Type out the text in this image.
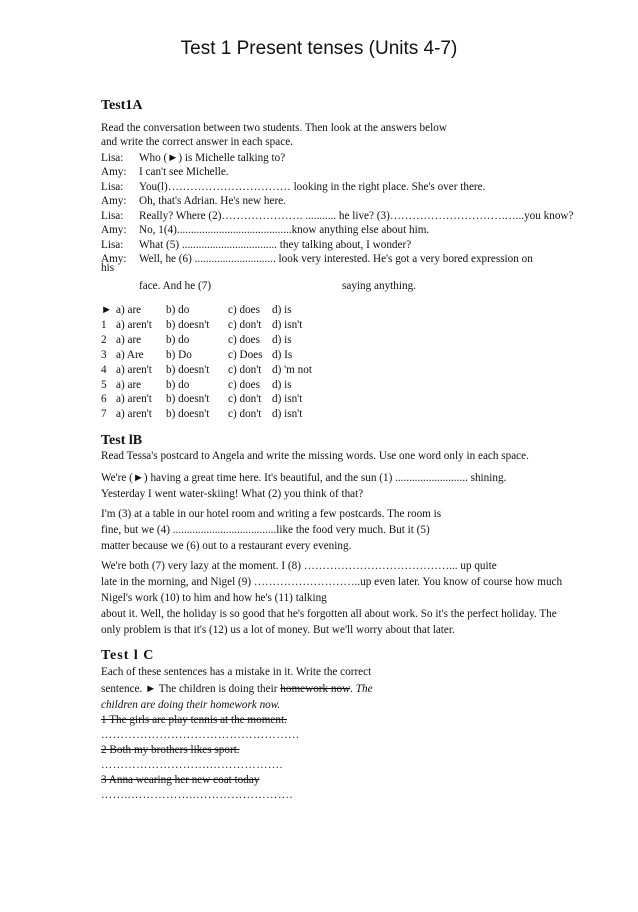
Test 1 Present tenses (Units 4-7)
Test1A
Read the conversation between two students. Then look at the answers below
and write the correct answer in each space.
Lisa: Who (►) is Michelle talking to?
Amy: I can't see Michelle.
Lisa: You(l)…………………………… looking in the right place. She's over there.
Amy: Oh, that's Adrian. He's new here.
Lisa: Really? Where (2)…………………. ........... he live? (3)………………………….…...you know?
Amy: No, 1(4).........................................know anything else about him.
Lisa: What (5) .................................. they talking about, I wonder?
Amy: Well, he (6) ............................. look very interested. He's got a very bored expression on
his
face. And he (7)	saying anything.
► a) are b) do	c) does d) is
1 a) aren't b) doesn't c) don't d) isn't
2 a) are b) do	c) does d) is
3 a) Are b) Do	c) Does d) Is
4 a) aren't b) doesn't c) don't d) 'm not
5 a) are b) do	c) does d) is
6 a) aren't b) doesn't c) don't d) isn't
7 a) aren't b) doesn't c) don't d) isn't
Test lB
Read Tessa's postcard to Angela and write the missing words. Use one word only in each space.
We're (►) having a great time here. It's beautiful, and the sun (1) .......................... shining.
Yesterday I went water-skiing! What (2) you think of that?
I'm (3) at a table in our hotel room and writing a few postcards. The room is
fine, but we (4) .....................................like the food very much. But it (5)
matter because we (6) out to a restaurant every evening.
We're both (7) very lazy at the moment. I (8) …………………………………... up quite
late in the morning, and Nigel (9) ………………………..up even later. You know of course how much
Nigel's work (10) to him and how he's (11) talking
about it. Well, the holiday is so good that he's forgotten all about work. So it's the perfect holiday. The
only problem is that it's (12) us a lot of money. But we'll worry about that later.
Test l C
Each of these sentences has a mistake in it. Write the correct
sentence. ► The children is doing their homework now. The
children are doing their homework now.
1 The girls are play tennis at the moment.
……………………………………………
2 Both my brothers likes sport.
……………………….……………….
3 Anna wearing her new coat today
……..……………..…………………….
